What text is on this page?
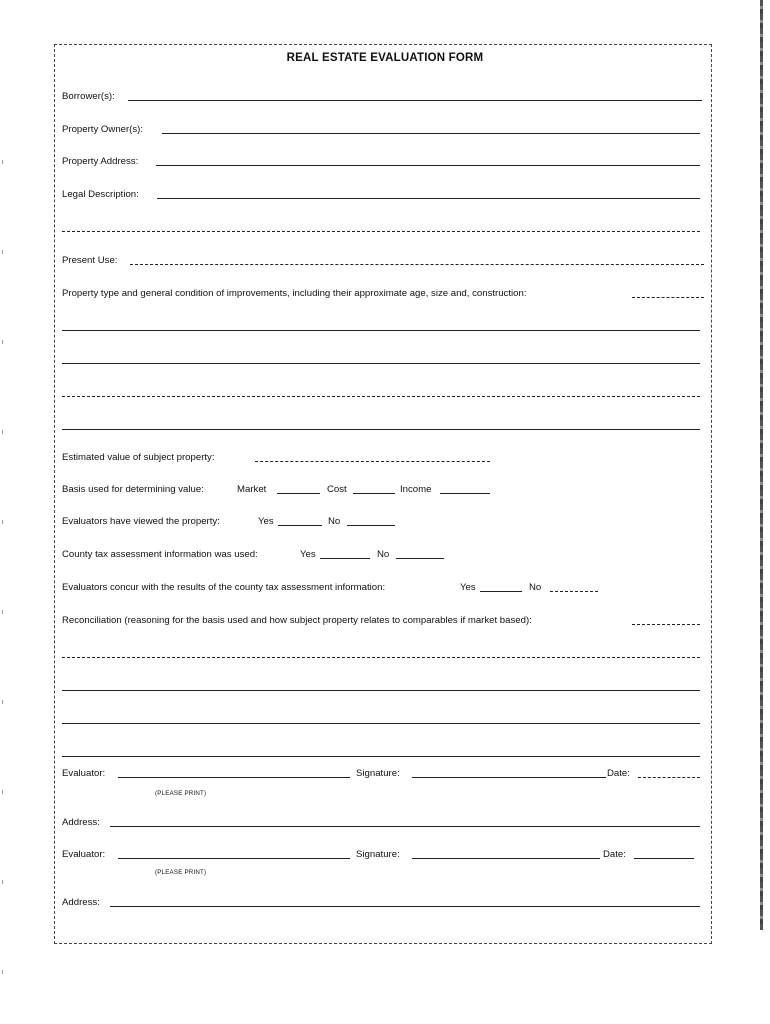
REAL ESTATE EVALUATION FORM
Borrower(s):
Property Owner(s):
Property Address:
Legal Description:
Present Use:
Property type and general condition of improvements, including their approximate age, size and, construction:
Estimated value of subject property:
Basis used for determining value:	Market	Cost	Income
Evaluators have viewed the property:	Yes	No
County tax assessment information was used:	Yes	No
Evaluators concur with the results of the county tax assessment information:	Yes	No
Reconciliation (reasoning for the basis used and how subject property relates to comparables if market based):
Evaluator:	Signature:	Date:
(PLEASE PRINT)
Address:
Evaluator:	Signature:	Date:
(PLEASE PRINT)
Address:
